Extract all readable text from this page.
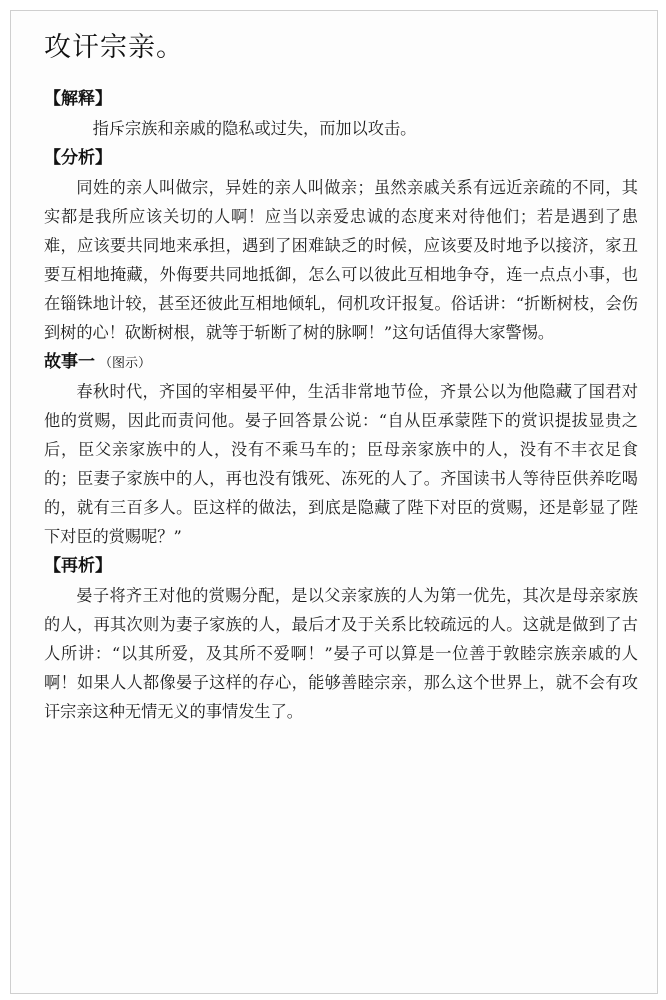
攻讦宗亲。
【解释】

指斥宗族和亲戚的隐私或过失，而加以攻击。

【分析】

同姓的亲人叫做宗，异姓的亲人叫做亲；虽然亲戚关系有远近亲疏的不同，其实都是我所应该关切的人啊！应当以亲爱忠诚的态度来对待他们；若是遇到了患难，应该要共同地来承担，遇到了困难缺乏的时候，应该要及时地予以接济，家丑要互相地掩藏，外侮要共同地抵御，怎么可以彼此互相地争夺，连一点点小事，也在锱铢地计较，甚至还彼此互相地倾轧，伺机攻讦报复。俗话讲：“折断树枝，会伤到树的心！砍断树根，就等于斩断了树的脉啊！”这句话值得大家警惕。

故事一 （图示）

春秋时代，齐国的宰相晏平仲，生活非常地节俭，齐景公以为他隐藏了国君对他的赏赐，因此而责问他。晏子回答景公说：“自从臣承蒙陛下的赏识提拔显贵之后，臣父亲家族中的人，没有不乘马车的；臣母亲家族中的人，没有不丰衣足食的；臣妻子家族中的人，再也没有饿死、冻死的人了。齐国读书人等待臣供养吃喝的，就有三百多人。臣这样的做法，到底是隐藏了陛下对臣的赏赐，还是彰显了陛下对臣的赏赐呢？”

【再析】

晏子将齐王对他的赏赐分配，是以父亲家族的人为第一优先，其次是母亲家族的人，再其次则为妻子家族的人，最后才及于关系比较疏远的人。这就是做到了古人所讲：“以其所爱，及其所不爱啊！”晏子可以算是一位善于敦睦宗族亲戚的人啊！如果人人都像晏子这样的存心，能够善睦宗亲，那么这个世界上，就不会有攻讦宗亲这种无情无义的事情发生了。
